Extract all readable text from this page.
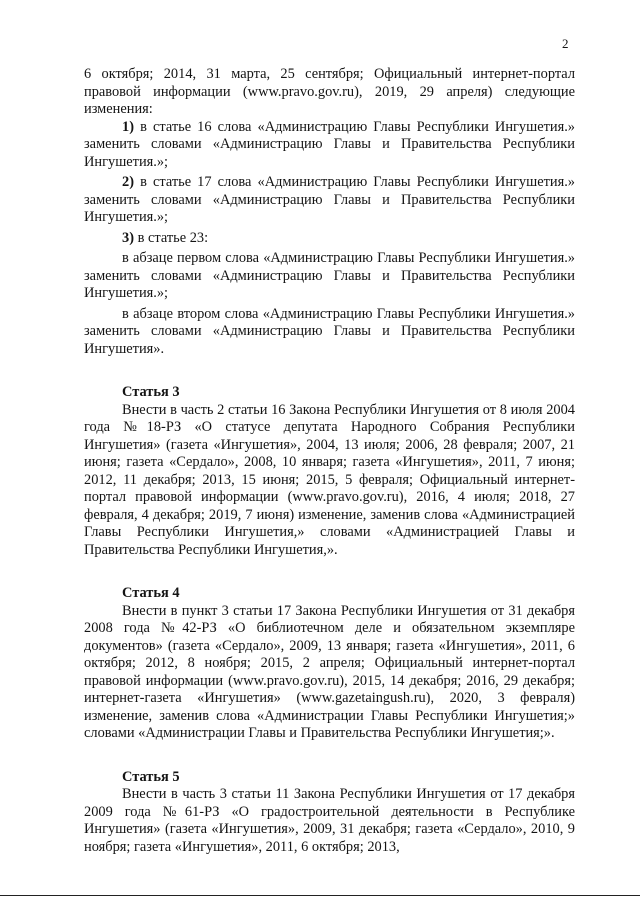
2

6 октября; 2014, 31 марта, 25 сентября; Официальный интернет-портал правовой информации (www.pravo.gov.ru), 2019, 29 апреля) следующие изменения:

1) в статье 16 слова «Администрацию Главы Республики Ингушетия.» заменить словами «Администрацию Главы и Правительства Республики Ингушетия.»;

2) в статье 17 слова «Администрацию Главы Республики Ингушетия.» заменить словами «Администрацию Главы и Правительства Республики Ингушетия.»;

3) в статье 23:

в абзаце первом слова «Администрацию Главы Республики Ингушетия.» заменить словами «Администрацию Главы и Правительства Республики Ингушетия.»;

в абзаце втором слова «Администрацию Главы Республики Ингушетия.» заменить словами «Администрацию Главы и Правительства Республики Ингушетия».

Статья 3

Внести в часть 2 статьи 16 Закона Республики Ингушетия от 8 июля 2004 года №18-РЗ «О статусе депутата Народного Собрания Республики Ингушетия» (газета «Ингушетия», 2004, 13 июля; 2006, 28 февраля; 2007, 21 июня; газета «Сердало», 2008, 10 января; газета «Ингушетия», 2011, 7 июня; 2012, 11 декабря; 2013, 15 июня; 2015, 5 февраля; Официальный интернет-портал правовой информации (www.pravo.gov.ru), 2016, 4 июля; 2018, 27 февраля, 4 декабря; 2019, 7 июня) изменение, заменив слова «Администрацией Главы Республики Ингушетия,» словами «Администрацией Главы и Правительства Республики Ингушетия,».

Статья 4

Внести в пункт 3 статьи 17 Закона Республики Ингушетия от 31 декабря 2008 года №42-РЗ «О библиотечном деле и обязательном экземпляре документов» (газета «Сердало», 2009, 13 января; газета «Ингушетия», 2011, 6 октября; 2012, 8 ноября; 2015, 2 апреля; Официальный интернет-портал правовой информации (www.pravo.gov.ru), 2015, 14 декабря; 2016, 29 декабря; интернет-газета «Ингушетия» (www.gazetaingush.ru), 2020, 3 февраля) изменение, заменив слова «Администрации Главы Республики Ингушетия;» словами «Администрации Главы и Правительства Республики Ингушетия;».

Статья 5

Внести в часть 3 статьи 11 Закона Республики Ингушетия от 17 декабря 2009 года №61-РЗ «О градостроительной деятельности в Республике Ингушетия» (газета «Ингушетия», 2009, 31 декабря; газета «Сердало», 2010, 9 ноября; газета «Ингушетия», 2011, 6 октября; 2013,
